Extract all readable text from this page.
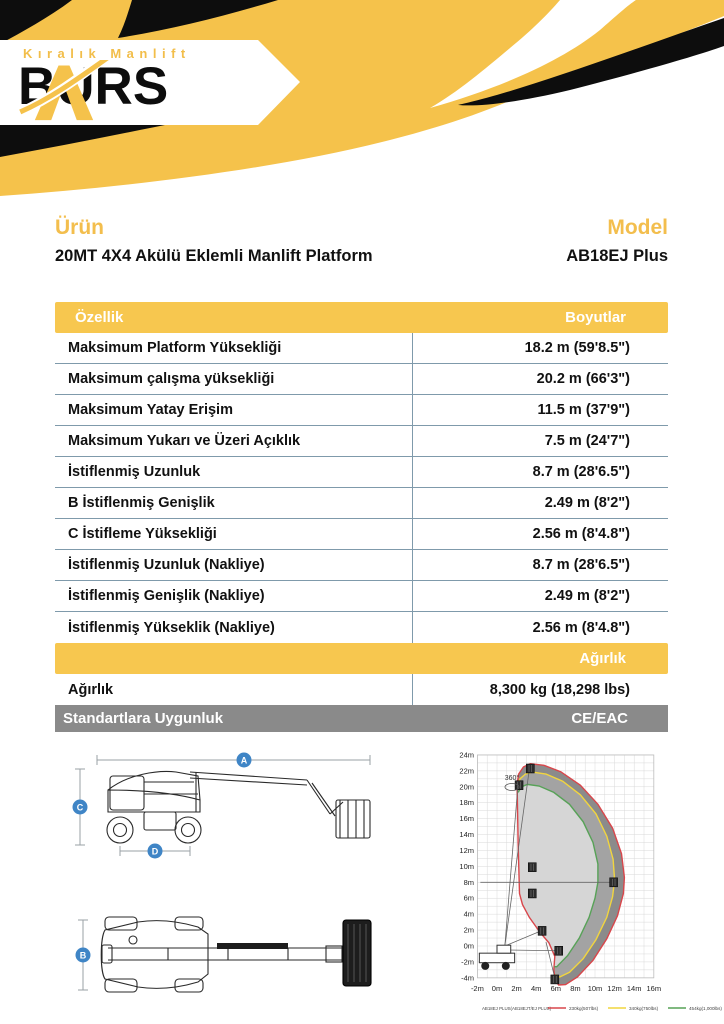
Kıralık Manlift
BURS
Ürün
20MT 4X4 Akülü Eklemli Manlift Platform
Model
AB18EJ Plus
Özellik	Boyutlar
Maksimum Platform Yüksekliği	18.2 m (59'8.5")
Maksimum çalışma yüksekliği	20.2 m (66'3")
Maksimum Yatay Erişim	11.5 m (37'9")
Maksimum Yukarı ve Üzeri Açıklık	7.5 m (24'7")
İstiflenmiş Uzunluk	8.7 m (28'6.5")
B İstiflenmiş Genişlik	2.49 m (8'2")
C İstifleme Yüksekliği	2.56 m (8'4.8")
İstiflenmiş Uzunluk (Nakliye)	8.7 m (28'6.5")
İstiflenmiş Genişlik (Nakliye)	2.49 m (8'2")
İstiflenmiş Yükseklik (Nakliye)	2.56 m (8'4.8")
Ağırlık
Ağırlık	8,300 kg (18,298 lbs)
Standartlara Uygunluk	CE/EAC
A
C
D
B
360°
24m
22m
20m
18m
16m
14m
12m
10m
8m
6m
4m
2m
0m
-2m
-4m
-2m 0m 2m 4m 6m 8m 10m 12m 14m 16m
AB18EJ PLUS(AB18EJT/EJ PLUS)	230kg(507lbs)	340kg(750lbs)	454kg(1,000lbs)
